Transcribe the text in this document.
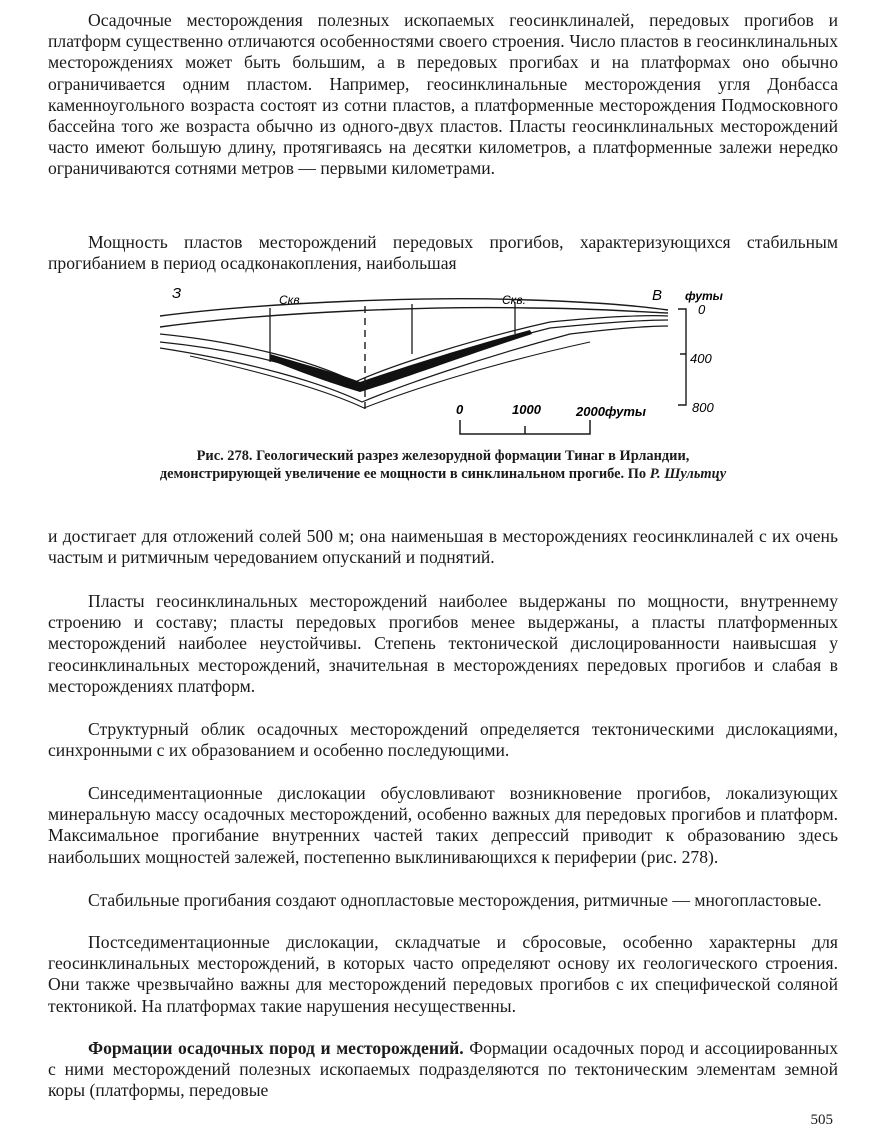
Осадочные месторождения полезных ископаемых геосинклиналей, передовых прогибов и платформ существенно отличаются особенностями своего строения. Число пластов в геосинклинальных месторождениях может быть большим, а в передовых прогибах и на платформах оно обычно ограничивается одним пластом. Например, геосинклинальные месторождения угля Донбасса каменноугольного возраста состоят из сотни пластов, а платформенные месторождения Подмосковного бассейна того же возраста обычно из одного-двух пластов. Пласты геосинклинальных месторождений часто имеют большую длину, протягиваясь на десятки километров, а платформенные залежи нередко ограничиваются сотнями метров — первыми километрами.

Мощность пластов месторождений передовых прогибов, характеризующихся стабильным прогибанием в период осадконакопления, наибольшая

З	В
Скв.	Скв.	футы
0
400
800
0	1000	2000футы

Рис. 278. Геологический разрез железорудной формации Тинаг в Ирландии, демонстрирующей увеличение ее мощности в синклинальном прогибе. По Р. Шультцу

и достигает для отложений солей 500 м; она наименьшая в месторождениях геосинклиналей с их очень частым и ритмичным чередованием опусканий и поднятий.

Пласты геосинклинальных месторождений наиболее выдержаны по мощности, внутреннему строению и составу; пласты передовых прогибов менее выдержаны, а пласты платформенных месторождений наиболее неустойчивы. Степень тектонической дислоцированности наивысшая у геосинклинальных месторождений, значительная в месторождениях передовых прогибов и слабая в месторождениях платформ.

Структурный облик осадочных месторождений определяется тектоническими дислокациями, синхронными с их образованием и особенно последующими.

Синседиментационные дислокации обусловливают возникновение прогибов, локализующих минеральную массу осадочных месторождений, особенно важных для передовых прогибов и платформ. Максимальное прогибание внутренних частей таких депрессий приводит к образованию здесь наибольших мощностей залежей, постепенно выклинивающихся к периферии (рис. 278).

Стабильные прогибания создают однопластовые месторождения, ритмичные — многопластовые.

Постседиментационные дислокации, складчатые и сбросовые, особенно характерны для геосинклинальных месторождений, в которых часто определяют основу их геологического строения. Они также чрезвычайно важны для месторождений передовых прогибов с их специфической соляной тектоникой. На платформах такие нарушения несущественны.

Формации осадочных пород и месторождений. Формации осадочных пород и ассоциированных с ними месторождений полезных ископаемых подразделяются по тектоническим элементам земной коры (платформы, передовые

505
